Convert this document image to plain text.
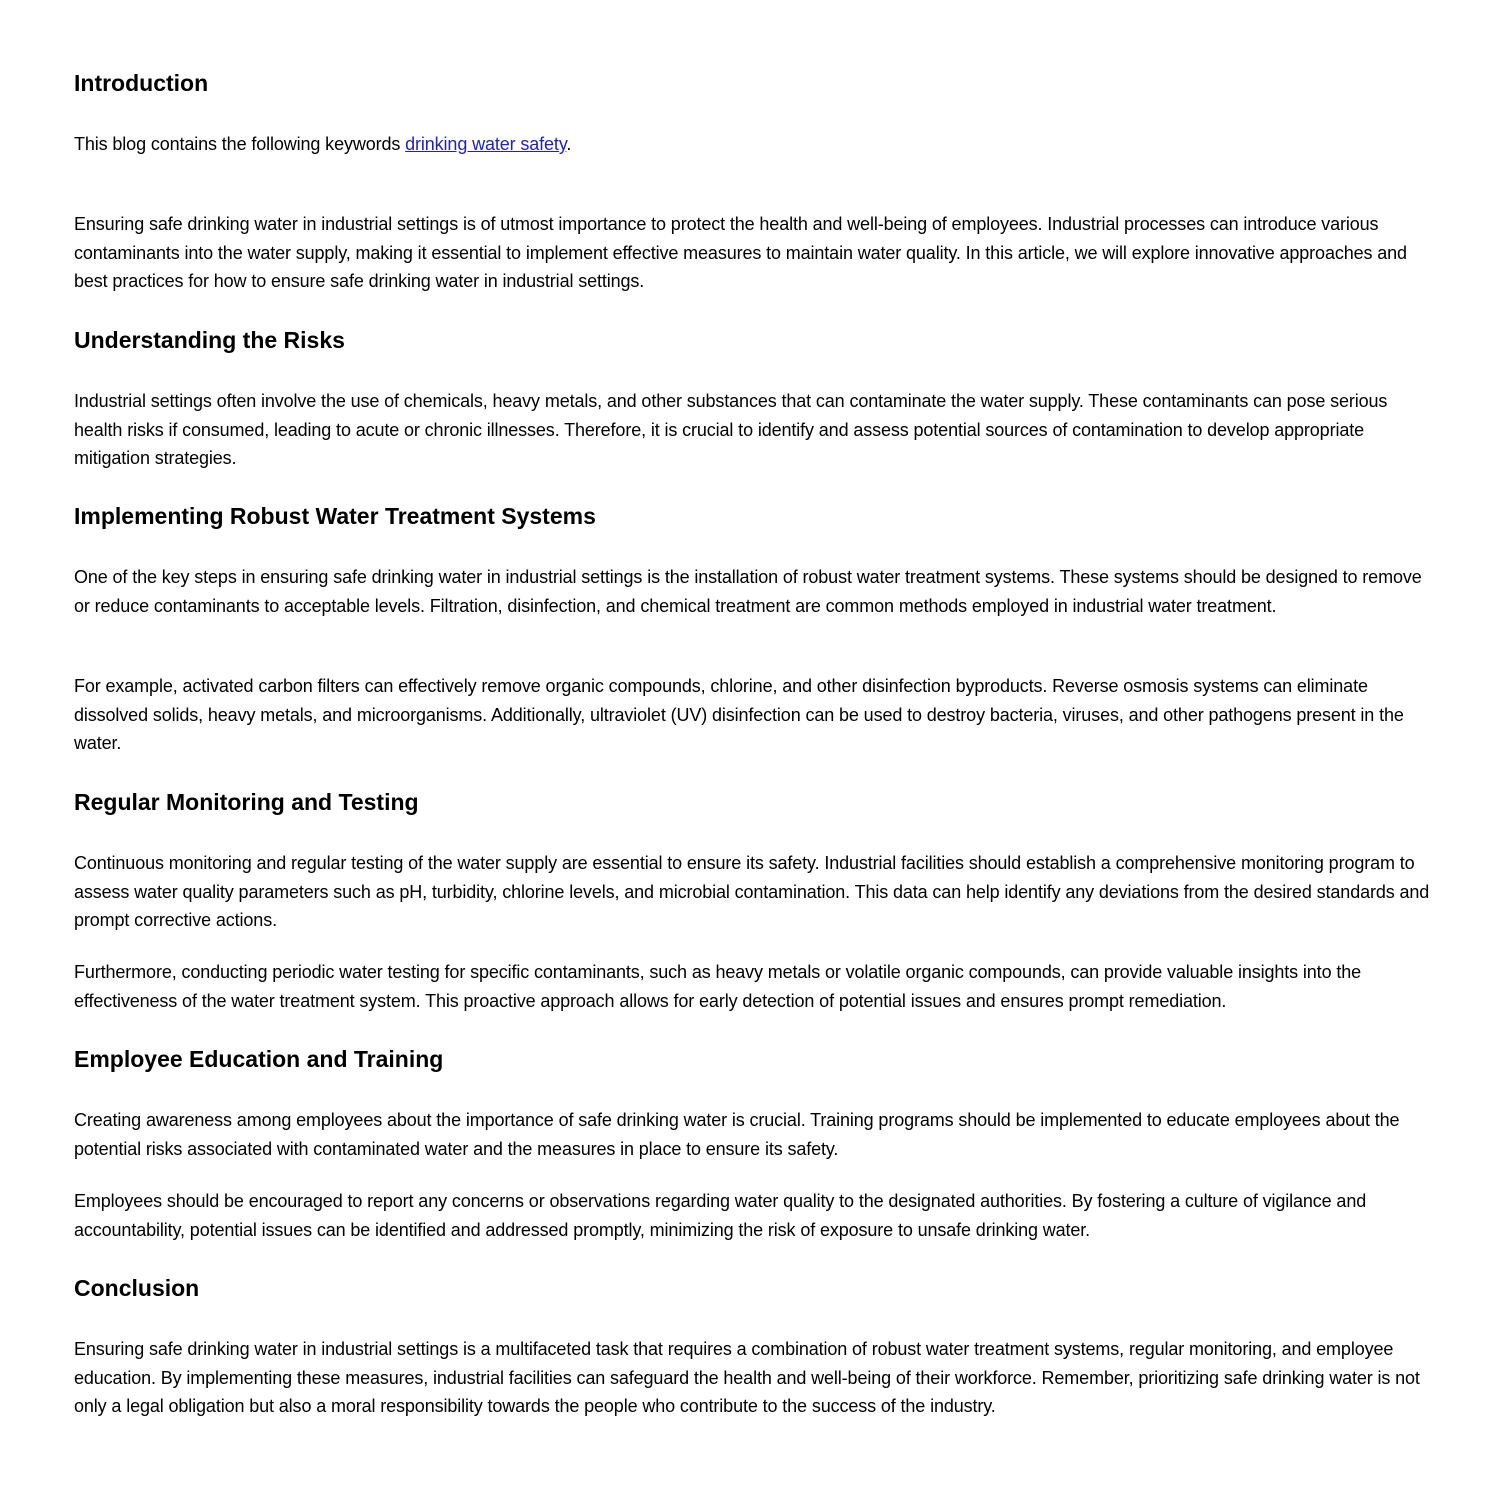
Introduction

This blog contains the following keywords drinking water safety.

Ensuring safe drinking water in industrial settings is of utmost importance to protect the health and well-being of employees. Industrial processes can introduce various contaminants into the water supply, making it essential to implement effective measures to maintain water quality. In this article, we will explore innovative approaches and best practices for how to ensure safe drinking water in industrial settings.

Understanding the Risks

Industrial settings often involve the use of chemicals, heavy metals, and other substances that can contaminate the water supply. These contaminants can pose serious health risks if consumed, leading to acute or chronic illnesses. Therefore, it is crucial to identify and assess potential sources of contamination to develop appropriate mitigation strategies.

Implementing Robust Water Treatment Systems

One of the key steps in ensuring safe drinking water in industrial settings is the installation of robust water treatment systems. These systems should be designed to remove or reduce contaminants to acceptable levels. Filtration, disinfection, and chemical treatment are common methods employed in industrial water treatment.

For example, activated carbon filters can effectively remove organic compounds, chlorine, and other disinfection byproducts. Reverse osmosis systems can eliminate dissolved solids, heavy metals, and microorganisms. Additionally, ultraviolet (UV) disinfection can be used to destroy bacteria, viruses, and other pathogens present in the water.

Regular Monitoring and Testing

Continuous monitoring and regular testing of the water supply are essential to ensure its safety. Industrial facilities should establish a comprehensive monitoring program to assess water quality parameters such as pH, turbidity, chlorine levels, and microbial contamination. This data can help identify any deviations from the desired standards and prompt corrective actions.

Furthermore, conducting periodic water testing for specific contaminants, such as heavy metals or volatile organic compounds, can provide valuable insights into the effectiveness of the water treatment system. This proactive approach allows for early detection of potential issues and ensures prompt remediation.

Employee Education and Training

Creating awareness among employees about the importance of safe drinking water is crucial. Training programs should be implemented to educate employees about the potential risks associated with contaminated water and the measures in place to ensure its safety.

Employees should be encouraged to report any concerns or observations regarding water quality to the designated authorities. By fostering a culture of vigilance and accountability, potential issues can be identified and addressed promptly, minimizing the risk of exposure to unsafe drinking water.

Conclusion

Ensuring safe drinking water in industrial settings is a multifaceted task that requires a combination of robust water treatment systems, regular monitoring, and employee education. By implementing these measures, industrial facilities can safeguard the health and well-being of their workforce. Remember, prioritizing safe drinking water is not only a legal obligation but also a moral responsibility towards the people who contribute to the success of the industry.
